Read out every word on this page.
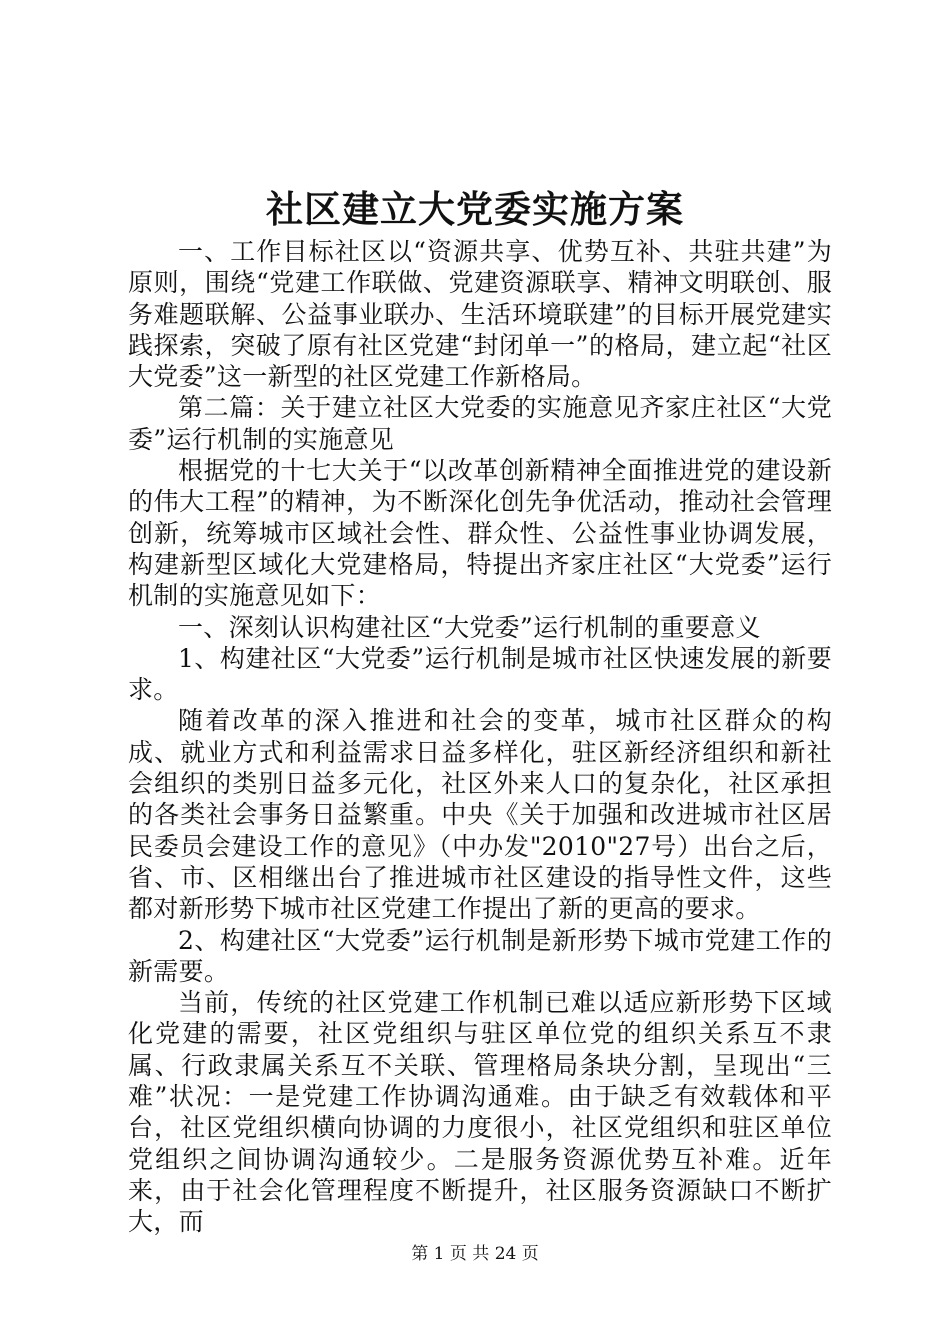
社区建立大党委实施方案

一、工作目标社区以“资源共享、优势互补、共驻共建”为原则，围绕“党建工作联做、党建资源联享、精神文明联创、服务难题联解、公益事业联办、生活环境联建”的目标开展党建实践探索，突破了原有社区党建“封闭单一”的格局，建立起“社区大党委”这一新型的社区党建工作新格局。

第二篇：关于建立社区大党委的实施意见齐家庄社区“大党委”运行机制的实施意见

根据党的十七大关于“以改革创新精神全面推进党的建设新的伟大工程”的精神，为不断深化创先争优活动，推动社会管理创新，统筹城市区域社会性、群众性、公益性事业协调发展，构建新型区域化大党建格局，特提出齐家庄社区“大党委”运行机制的实施意见如下：

一、深刻认识构建社区“大党委”运行机制的重要意义

1、构建社区“大党委”运行机制是城市社区快速发展的新要求。

随着改革的深入推进和社会的变革，城市社区群众的构成、就业方式和利益需求日益多样化，驻区新经济组织和新社会组织的类别日益多元化，社区外来人口的复杂化，社区承担的各类社会事务日益繁重。中央《关于加强和改进城市社区居民委员会建设工作的意见》（中办发"2010"27号）出台之后，省、市、区相继出台了推进城市社区建设的指导性文件，这些都对新形势下城市社区党建工作提出了新的更高的要求。

2、构建社区“大党委”运行机制是新形势下城市党建工作的新需要。

当前，传统的社区党建工作机制已难以适应新形势下区域化党建的需要，社区党组织与驻区单位党的组织关系互不隶属、行政隶属关系互不关联、管理格局条块分割，呈现出“三难”状况：一是党建工作协调沟通难。由于缺乏有效载体和平台，社区党组织横向协调的力度很小，社区党组织和驻区单位党组织之间协调沟通较少。二是服务资源优势互补难。近年来，由于社会化管理程度不断提升，社区服务资源缺口不断扩大，而

第 1 页 共 24 页
